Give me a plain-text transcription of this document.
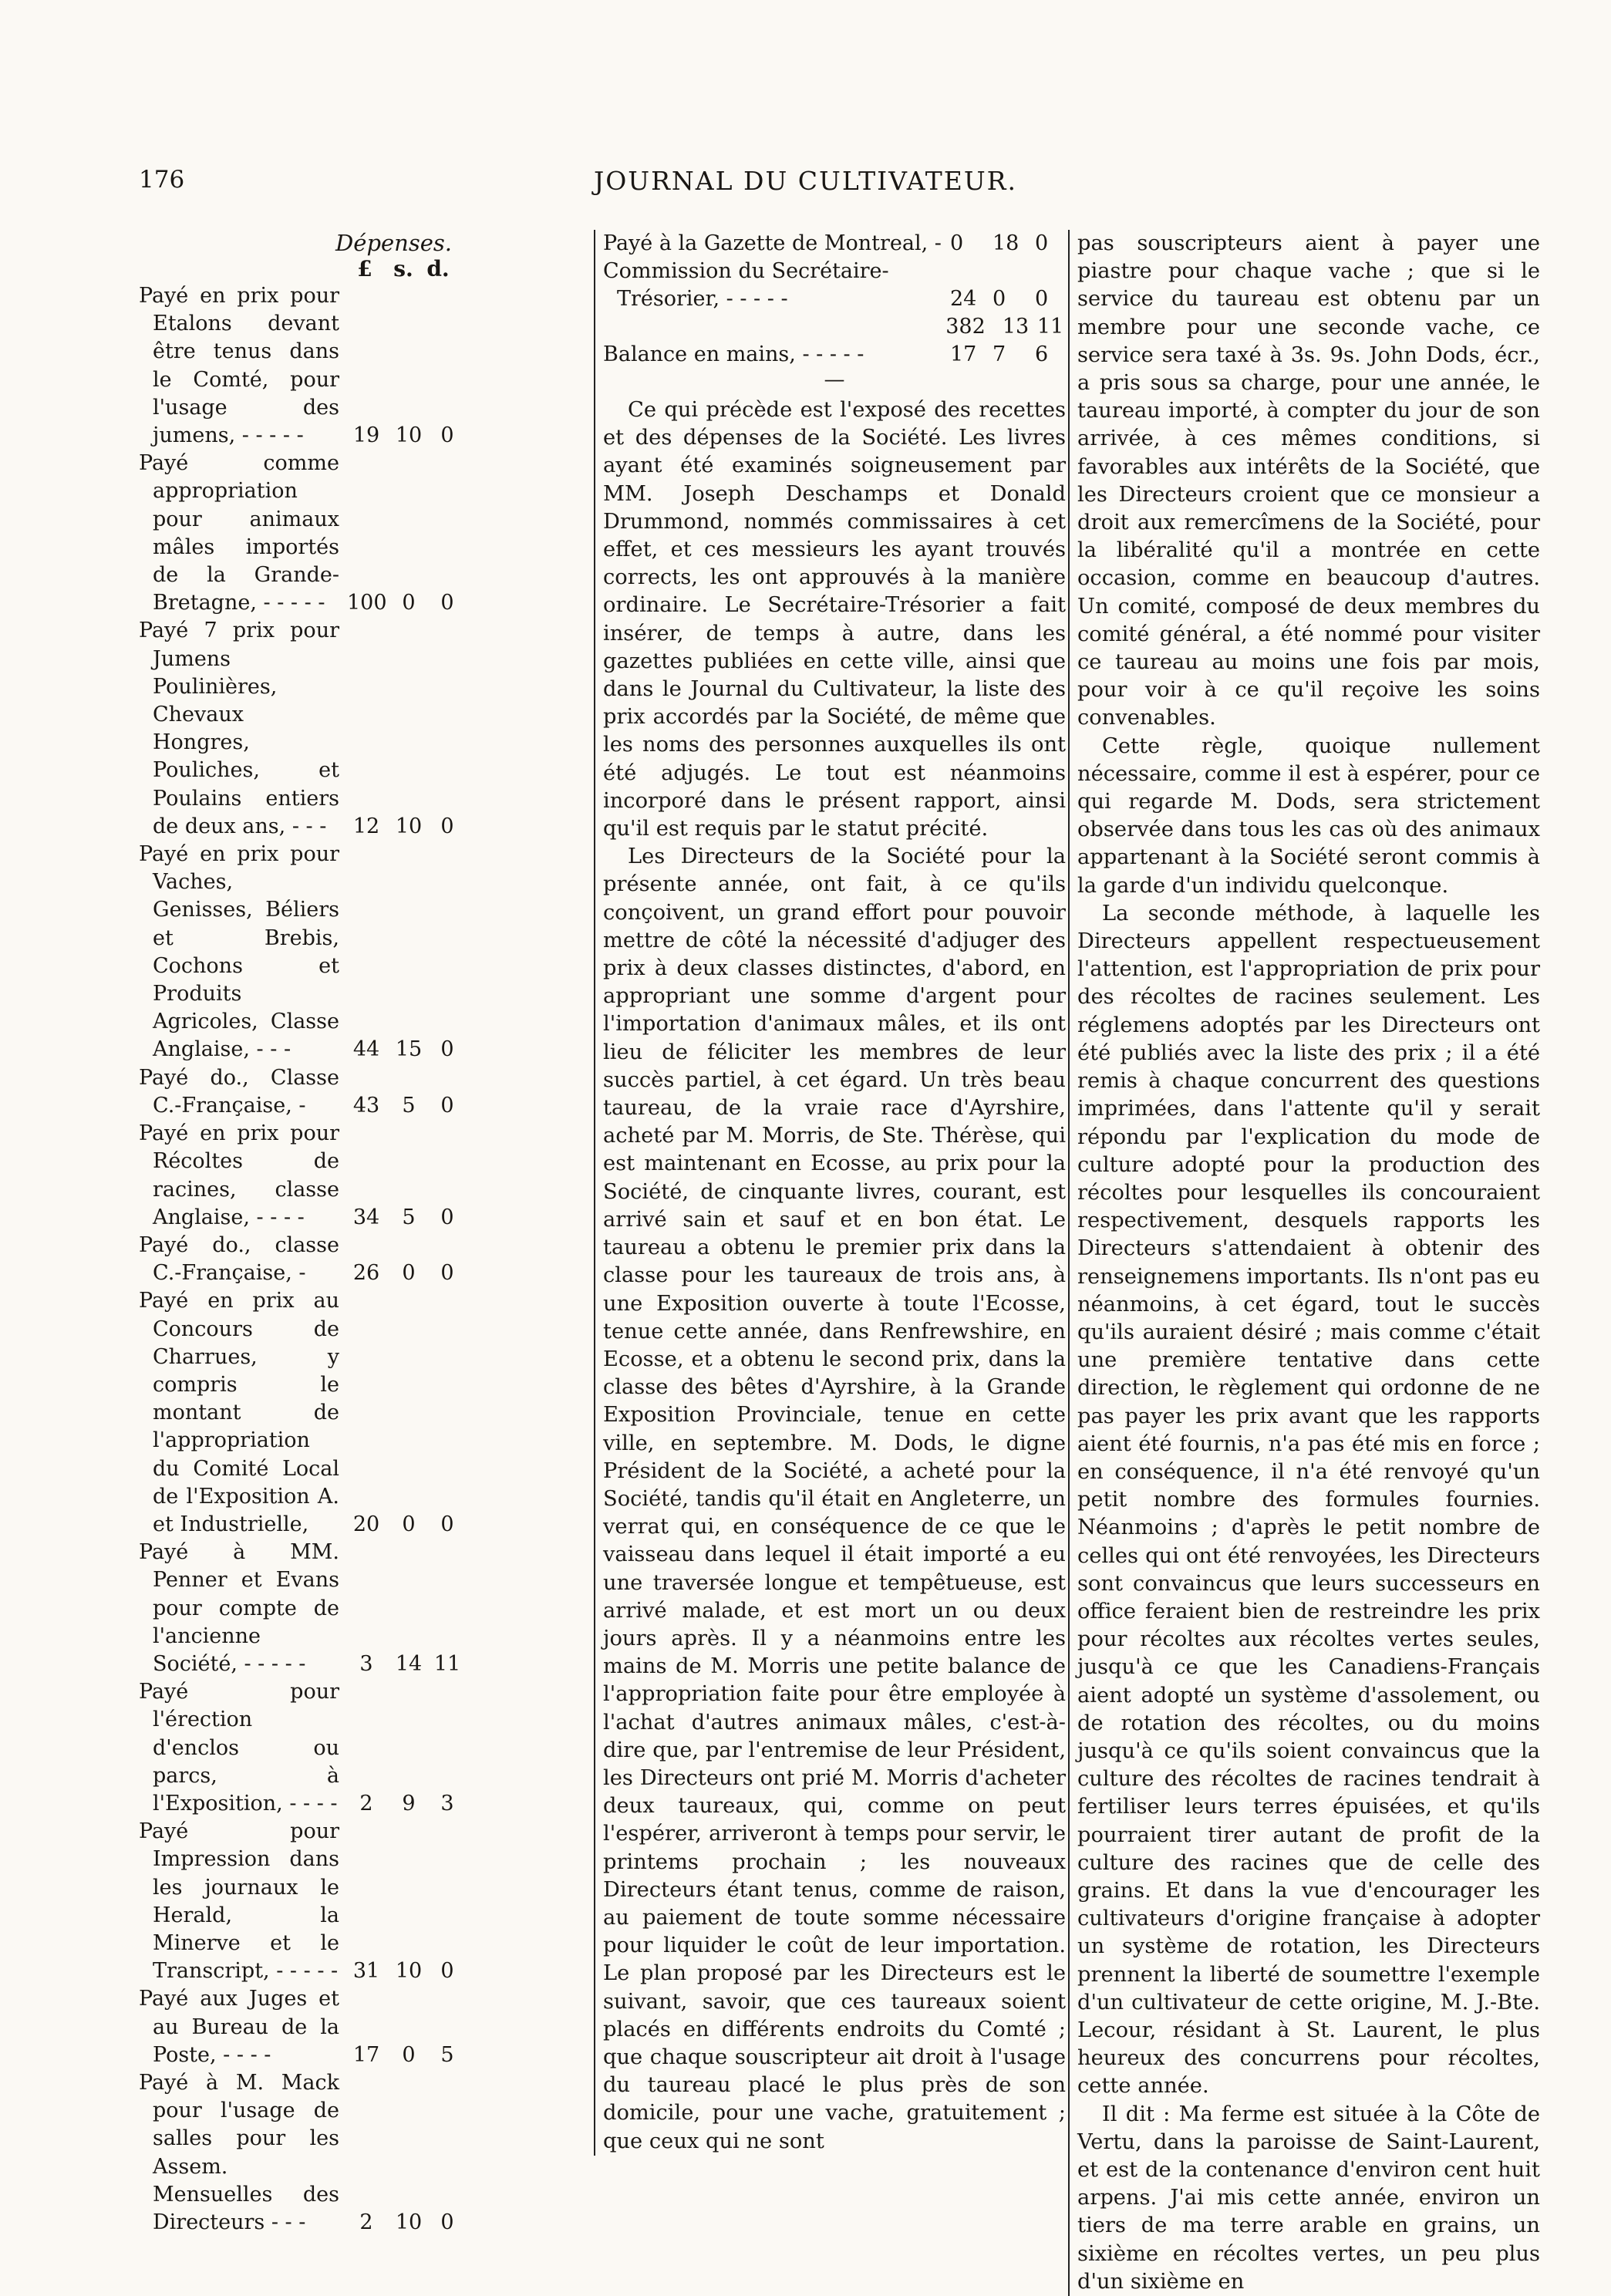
176	JOURNAL DU CULTIVATEUR.
Dépenses.
£ s. d.
Payé en prix pour Etalons devant être tenus dans le Comté, pour l'usage des jumens, - - - - - 19 10 0
Payé comme appropriation pour animaux mâles importés de la Grande-Bretagne, - - - - - 100 0	0
Payé 7 prix pour Jumens Poulinières, Chevaux Hongres, Pouliches, et Poulains entiers de deux ans, - - - 12 10 0
Payé en prix pour Vaches, Genisses, Béliers et Brebis, Cochons et Produits Agricoles, Classe Anglaise, - - -	44 15 0
Payé do., Classe C.-Française, - 43	5	0
Payé en prix pour Récoltes de racines, classe Anglaise, - - - - 34	5	0
Payé do., classe C.-Française, - 26	0	0
Payé en prix au Concours de Charrues, y compris le montant de l'appropriation du Comité Local de l'Exposition A. et Industrielle, 20	0	0
Payé à MM. Penner et Evans pour compte de l'ancienne Société, - - - - -	3	14 11
Payé pour l'érection d'enclos ou parcs, à l'Exposition, - - - -	2	9	3
Payé pour Impression dans les journaux le Herald, la Minerve et le Transcript, - - - - - 31 10 0
Payé aux Juges et au Bureau de la Poste, - - - -	17	0	5
Payé à M. Mack pour l'usage de salles pour les Assem. Mensuelles des Directeurs - - -	2	10 0
Payé à la Gazette de Montreal, - 0	18 0
Commission du Secrétaire-Trésorier, - - - - -	24 0	0
382 13 11
Balance en mains, - - - - -	17 7	6
—

Ce qui précède est l'exposé des recettes et des dépenses de la Société. Les livres ayant été examinés soigneusement par MM. Joseph Deschamps et Donald Drummond, nommés commissaires à cet effet, et ces messieurs les ayant trouvés corrects, les ont approuvés à la manière ordinaire. Le Secrétaire-Trésorier a fait insérer, de temps à autre, dans les gazettes publiées en cette ville, ainsi que dans le Journal du Cultivateur, la liste des prix accordés par la Société, de même que les noms des personnes auxquelles ils ont été adjugés. Le tout est néanmoins incorporé dans le présent rapport, ainsi qu'il est requis par le statut précité.

Les Directeurs de la Société pour la présente année, ont fait, à ce qu'ils conçoivent, un grand effort pour pouvoir mettre de côté la nécessité d'adjuger des prix à deux classes distinctes, d'abord, en appropriant une somme d'argent pour l'importation d'animaux mâles, et ils ont lieu de féliciter les membres de leur succès partiel, à cet égard. Un très beau taureau, de la vraie race d'Ayrshire, acheté par M. Morris, de Ste. Thérèse, qui est maintenant en Ecosse, au prix pour la Société, de cinquante livres, courant, est arrivé sain et sauf et en bon état. Le taureau a obtenu le premier prix dans la classe pour les taureaux de trois ans, à une Exposition ouverte à toute l'Ecosse, tenue cette année, dans Renfrewshire, en Ecosse, et a obtenu le second prix, dans la classe des bêtes d'Ayrshire, à la Grande Exposition Provinciale, tenue en cette ville, en septembre. M. Dods, le digne Président de la Société, a acheté pour la Société, tandis qu'il était en Angleterre, un verrat qui, en conséquence de ce que le vaisseau dans lequel il était importé a eu une traversée longue et tempêtueuse, est arrivé malade, et est mort un ou deux jours après. Il y a néanmoins entre les mains de M. Morris une petite balance de l'appropriation faite pour être employée à l'achat d'autres animaux mâles, c'est-à-dire que, par l'entremise de leur Président, les Directeurs ont prié M. Morris d'acheter deux taureaux, qui, comme on peut l'espérer, arriveront à temps pour servir, le printems prochain ; les nouveaux Directeurs étant tenus, comme de raison, au paiement de toute somme nécessaire pour liquider le coût de leur importation. Le plan proposé par les Directeurs est le suivant, savoir, que ces taureaux soient placés en différents endroits du Comté ; que chaque souscripteur ait droit à l'usage du taureau placé le plus près de son domicile, pour une vache, gratuitement ; que ceux qui ne sont

pas souscripteurs aient à payer une piastre pour chaque vache ; que si le service du taureau est obtenu par un membre pour une seconde vache, ce service sera taxé à 3s. 9s. John Dods, écr., a pris sous sa charge, pour une année, le taureau importé, à compter du jour de son arrivée, à ces mêmes conditions, si favorables aux intérêts de la Société, que les Directeurs croient que ce monsieur a droit aux remercîmens de la Société, pour la libéralité qu'il a montrée en cette occasion, comme en beaucoup d'autres. Un comité, composé de deux membres du comité général, a été nommé pour visiter ce taureau au moins une fois par mois, pour voir à ce qu'il reçoive les soins convenables.

Cette règle, quoique nullement nécessaire, comme il est à espérer, pour ce qui regarde M. Dods, sera strictement observée dans tous les cas où des animaux appartenant à la Société seront commis à la garde d'un individu quelconque.

La seconde méthode, à laquelle les Directeurs appellent respectueusement l'attention, est l'appropriation de prix pour des récoltes de racines seulement. Les réglemens adoptés par les Directeurs ont été publiés avec la liste des prix ; il a été remis à chaque concurrent des questions imprimées, dans l'attente qu'il y serait répondu par l'explication du mode de culture adopté pour la production des récoltes pour lesquelles ils concouraient respectivement, desquels rapports les Directeurs s'attendaient à obtenir des renseignemens importants. Ils n'ont pas eu néanmoins, à cet égard, tout le succès qu'ils auraient désiré ; mais comme c'était une première tentative dans cette direction, le règlement qui ordonne de ne pas payer les prix avant que les rapports aient été fournis, n'a pas été mis en force ; en conséquence, il n'a été renvoyé qu'un petit nombre des formules fournies. Néanmoins ; d'après le petit nombre de celles qui ont été renvoyées, les Directeurs sont convaincus que leurs successeurs en office feraient bien de restreindre les prix pour récoltes aux récoltes vertes seules, jusqu'à ce que les Canadiens-Français aient adopté un système d'assolement, ou de rotation des récoltes, ou du moins jusqu'à ce qu'ils soient convaincus que la culture des récoltes de racines tendrait à fertiliser leurs terres épuisées, et qu'ils pourraient tirer autant de profit de la culture des racines que de celle des grains. Et dans la vue d'encourager les cultivateurs d'origine française à adopter un système de rotation, les Directeurs prennent la liberté de soumettre l'exemple d'un cultivateur de cette origine, M. J.-Bte. Lecour, résidant à St. Laurent, le plus heureux des concurrens pour récoltes, cette année.

Il dit : Ma ferme est située à la Côte de Vertu, dans la paroisse de Saint-Laurent, et est de la contenance d'environ cent huit arpens. J'ai mis cette année, environ un tiers de ma terre arable en grains, un sixième en récoltes vertes, un peu plus d'un sixième en
